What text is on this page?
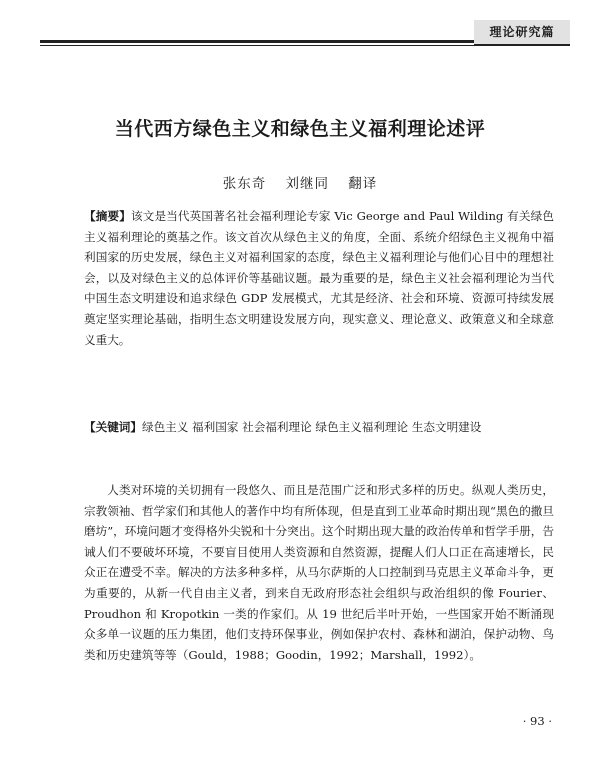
理论研究篇
当代西方绿色主义和绿色主义福利理论述评
张东奇 刘继同 翻译

【摘要】该文是当代英国著名社会福利理论专家 Vic George and Paul Wilding 有关绿色主义福利理论的奠基之作。该文首次从绿色主义的角度，全面、系统介绍绿色主义视角中福利国家的历史发展，绿色主义对福利国家的态度，绿色主义福利理论与他们心目中的理想社会，以及对绿色主义的总体评价等基础议题。最为重要的是，绿色主义社会福利理论为当代中国生态文明建设和追求绿色 GDP 发展模式，尤其是经济、社会和环境、资源可持续发展奠定坚实理论基础，指明生态文明建设发展方向，现实意义、理论意义、政策意义和全球意义重大。

【关键词】绿色主义 福利国家 社会福利理论 绿色主义福利理论 生态文明建设

人类对环境的关切拥有一段悠久、而且是范围广泛和形式多样的历史。纵观人类历史，宗教领袖、哲学家们和其他人的著作中均有所体现，但是直到工业革命时期出现“黑色的撒旦磨坊”，环境问题才变得格外尖锐和十分突出。这个时期出现大量的政治传单和哲学手册，告诫人们不要破坏环境，不要盲目使用人类资源和自然资源，提醒人们人口正在高速增长，民众正在遭受不幸。解决的方法多种多样，从马尔萨斯的人口控制到马克思主义革命斗争，更为重要的，从新一代自由主义者，到来自无政府形态社会组织与政治组织的像 Fourier、Proudhon 和 Kropotkin 一类的作家们。从 19 世纪后半叶开始，一些国家开始不断涌现众多单一议题的压力集团，他们支持环保事业，例如保护农村、森林和湖泊，保护动物、鸟类和历史建筑等等（Gould，1988；Goodin，1992；Marshall，1992）。

· 93 ·
